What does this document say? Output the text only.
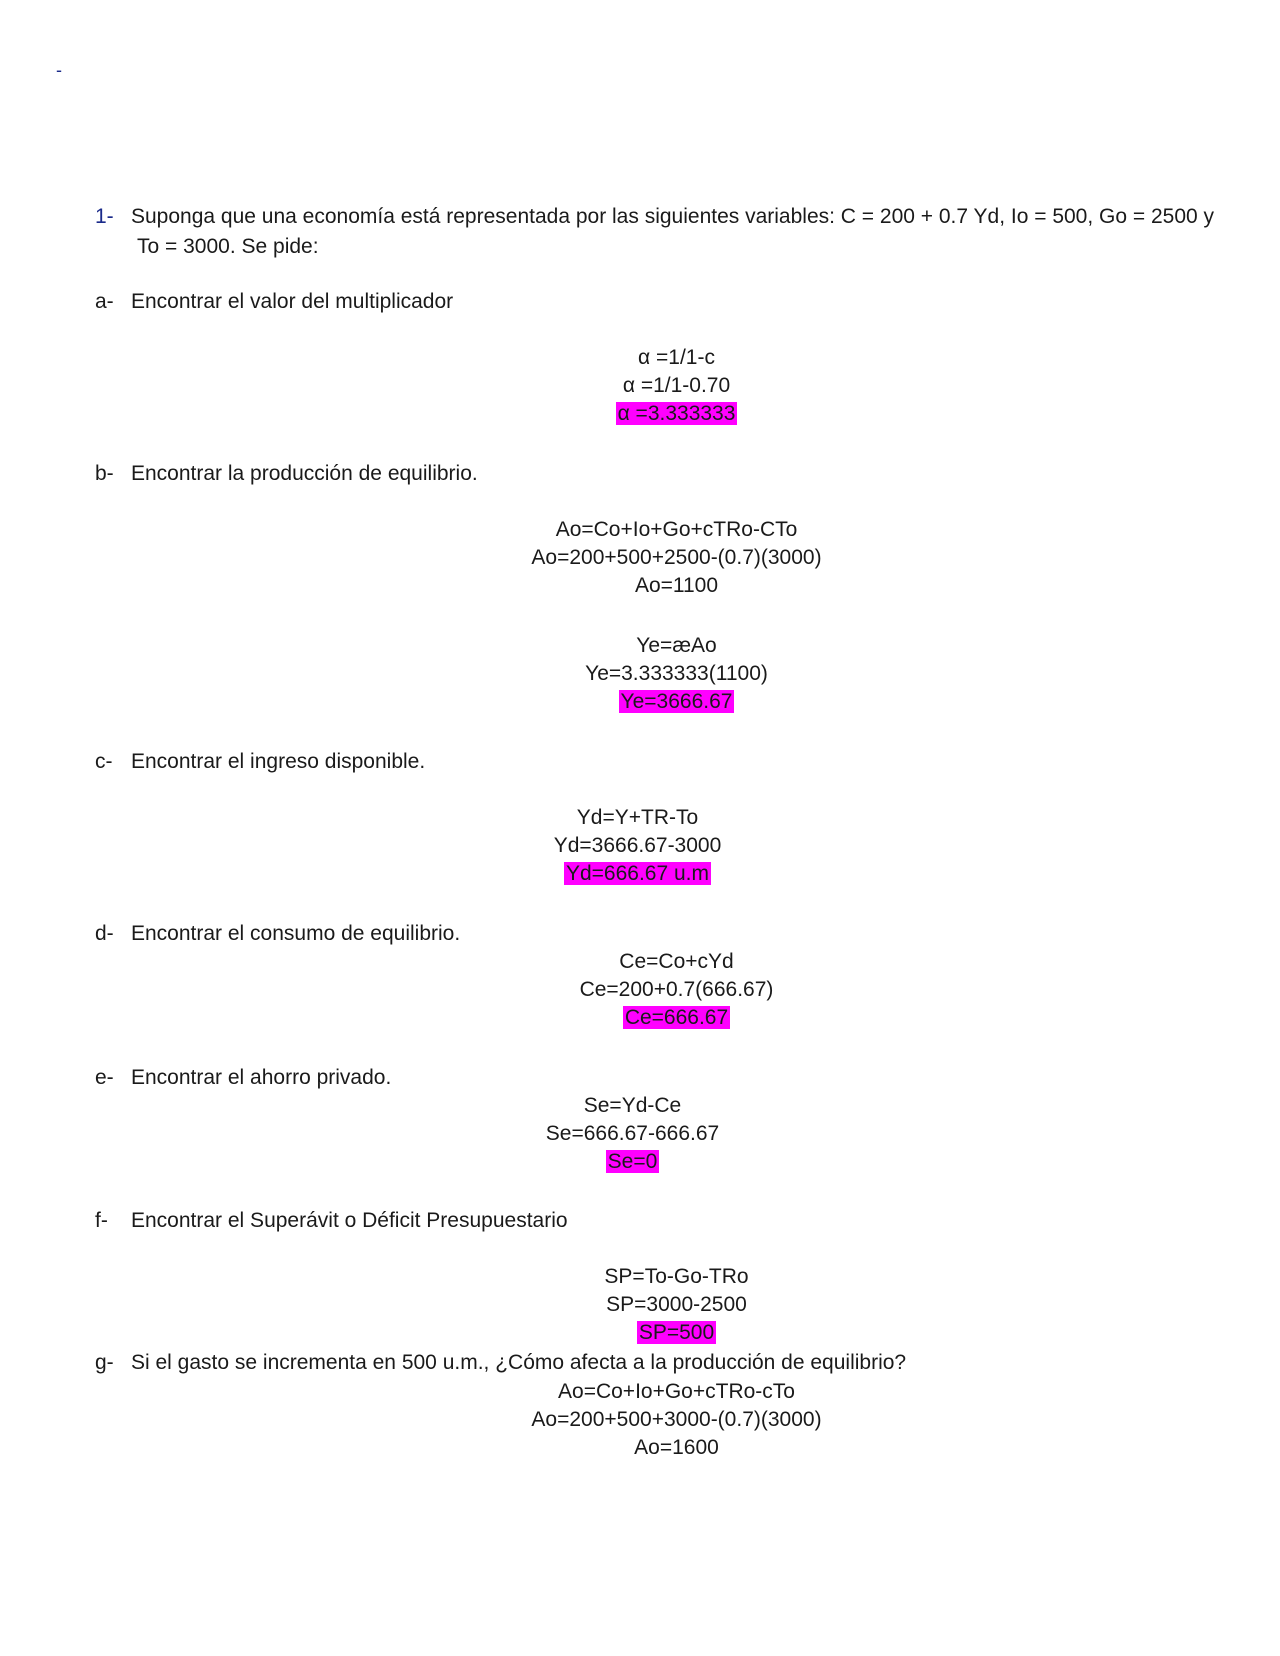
-
1- Suponga que una economía está representada por las siguientes variables: C = 200 + 0.7 Yd, Io = 500, Go = 2500 y
To = 3000. Se pide:
a- Encontrar el valor del multiplicador
α =1/1-c
α =1/1-0.70
α =3.333333
b- Encontrar la producción de equilibrio.
Ao=Co+Io+Go+cTRo-CTo
Ao=200+500+2500-(0.7)(3000)
Ao=1100
Ye=æAo
Ye=3.333333(1100)
Ye=3666.67
c- Encontrar el ingreso disponible.
Yd=Y+TR-To
Yd=3666.67-3000
Yd=666.67 u.m
d- Encontrar el consumo de equilibrio.
Ce=Co+cYd
Ce=200+0.7(666.67)
Ce=666.67
e- Encontrar el ahorro privado.
Se=Yd-Ce
Se=666.67-666.67
Se=0
f- Encontrar el Superávit o Déficit Presupuestario
SP=To-Go-TRo
SP=3000-2500
SP=500
g- Si el gasto se incrementa en 500 u.m., ¿Cómo afecta a la producción de equilibrio?
Ao=Co+Io+Go+cTRo-cTo
Ao=200+500+3000-(0.7)(3000)
Ao=1600
